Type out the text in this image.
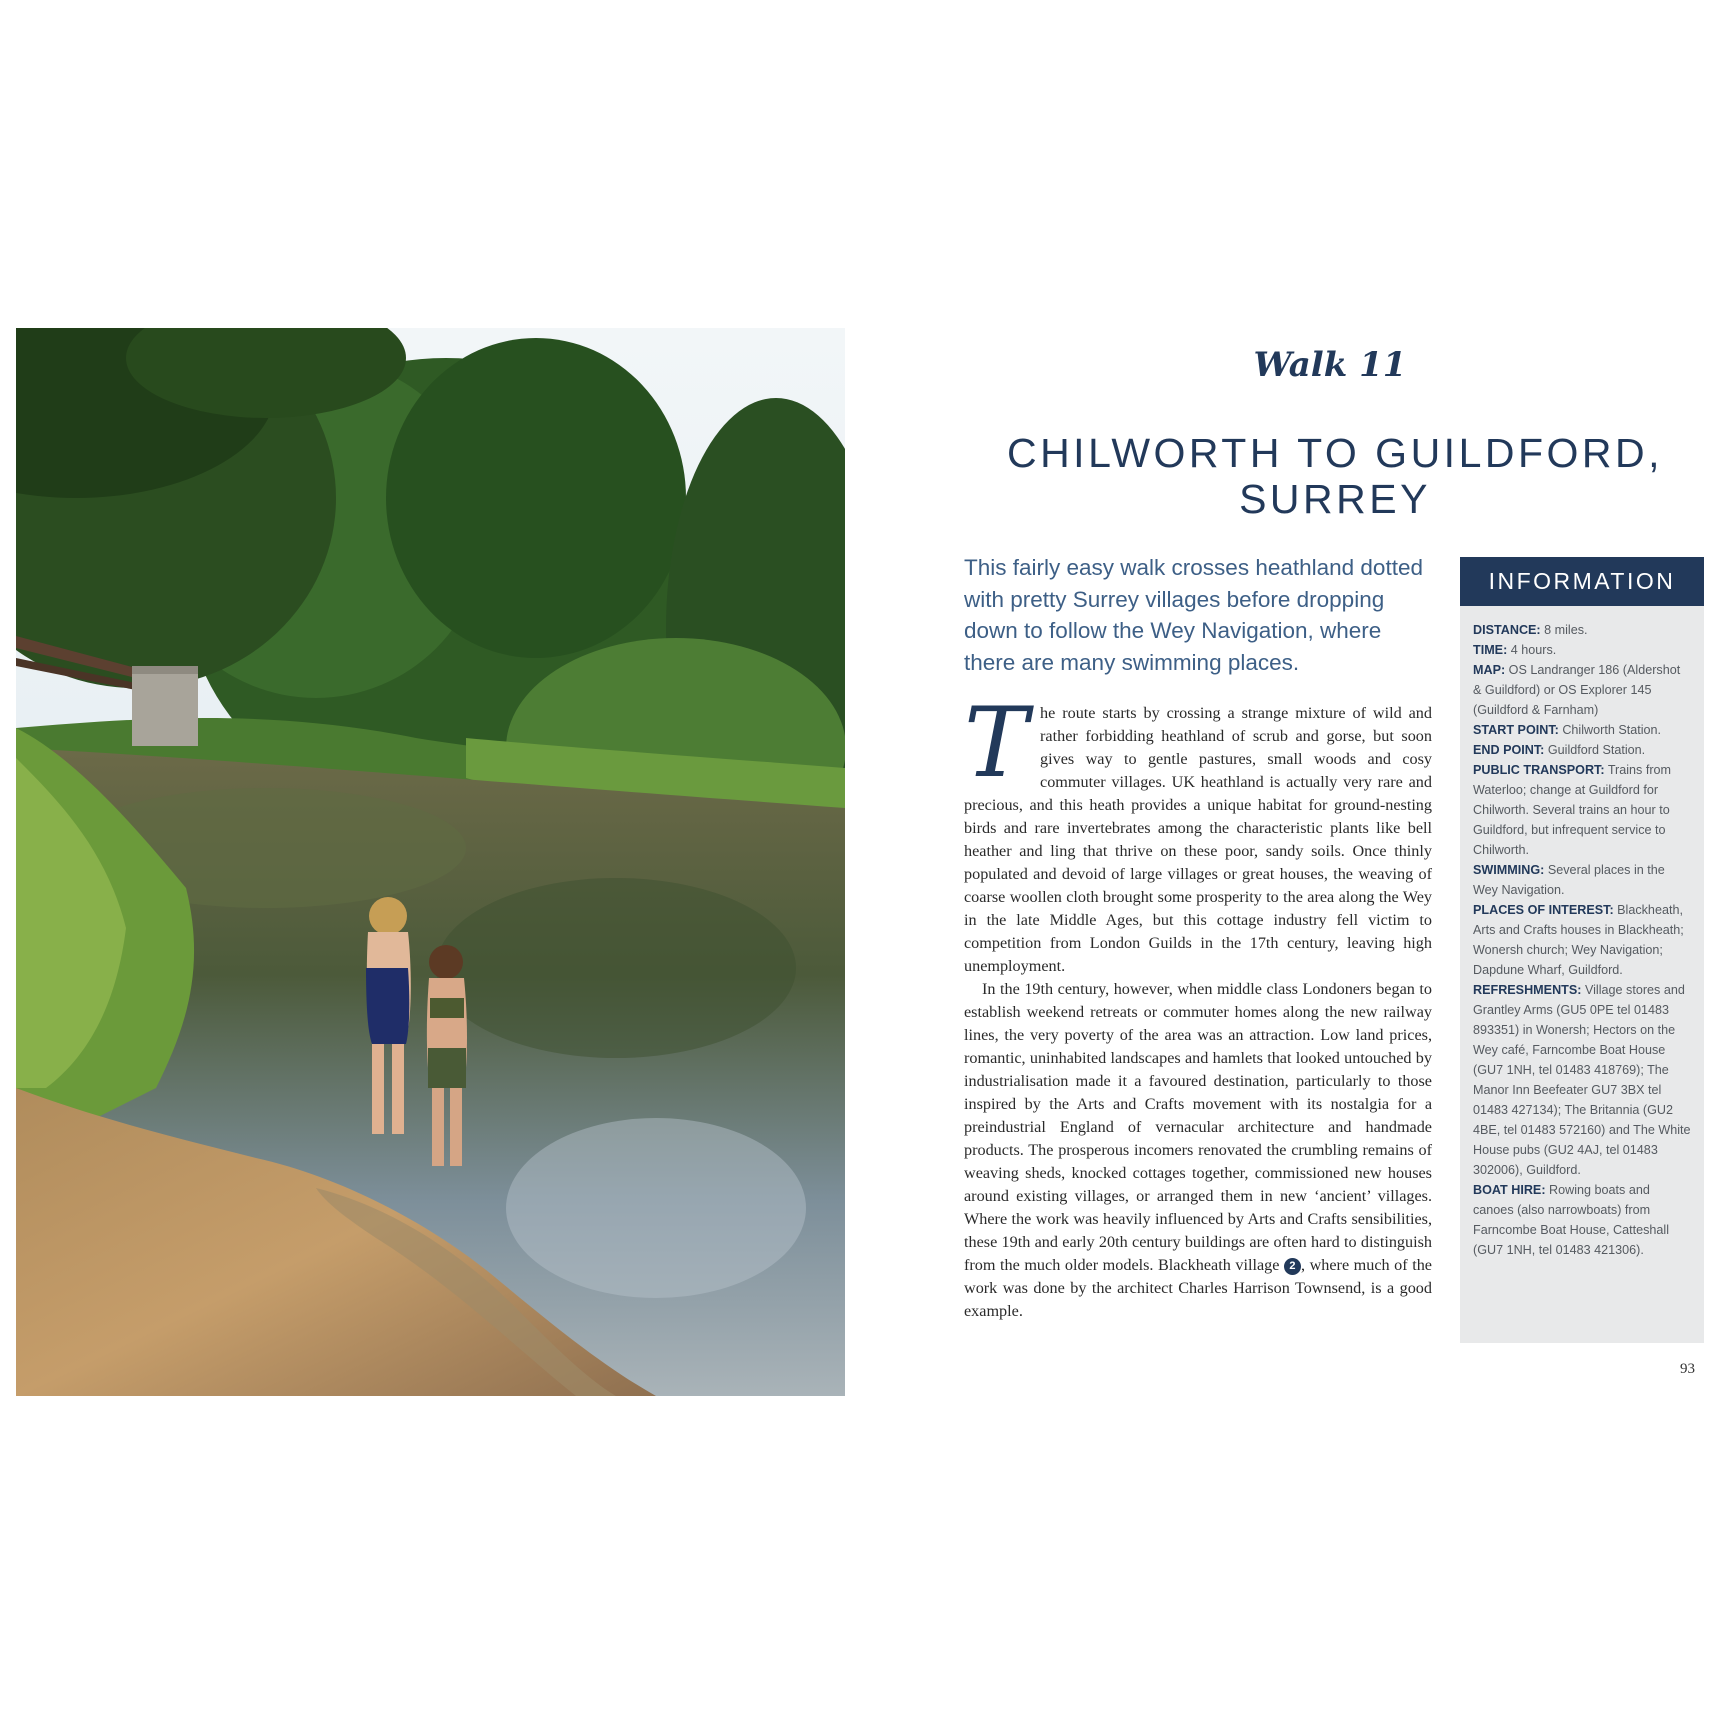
Walk 11
CHILWORTH TO GUILDFORD,
SURREY

This fairly easy walk crosses heathland dotted with pretty Surrey villages before dropping down to follow the Wey Navigation, where there are many swimming places.

The route starts by crossing a strange mixture of wild and rather forbidding heathland of scrub and gorse, but soon gives way to gentle pastures, small woods and cosy commuter villages. UK heathland is actually very rare and precious, and this heath provides a unique habitat for ground-nesting birds and rare invertebrates among the characteristic plants like bell heather and ling that thrive on these poor, sandy soils. Once thinly populated and devoid of large villages or great houses, the weaving of coarse woollen cloth brought some prosperity to the area along the Wey in the late Middle Ages, but this cottage industry fell victim to competition from London Guilds in the 17th century, leaving high unemployment.

In the 19th century, however, when middle class Londoners began to establish weekend retreats or commuter homes along the new railway lines, the very poverty of the area was an attraction. Low land prices, romantic, uninhabited landscapes and hamlets that looked untouched by industrialisation made it a favoured destination, particularly to those inspired by the Arts and Crafts movement with its nostalgia for a preindustrial England of vernacular architecture and handmade products. The prosperous incomers renovated the crumbling remains of weaving sheds, knocked cottages together, commissioned new houses around existing villages, or arranged them in new ‘ancient’ villages. Where the work was heavily influenced by Arts and Crafts sensibilities, these 19th and early 20th century buildings are often hard to distinguish from the much older models. Blackheath village 2 , where much of the work was done by the architect Charles Harrison Townsend, is a good example.

INFORMATION

DISTANCE: 8 miles.

TIME: 4 hours.

MAP: OS Landranger 186 (Aldershot & Guildford) or OS Explorer 145 (Guildford & Farnham)

START POINT: Chilworth Station.

END POINT: Guildford Station.

PUBLIC TRANSPORT: Trains from Waterloo; change at Guildford for Chilworth. Several trains an hour to Guildford, but infrequent service to Chilworth.

SWIMMING: Several places in the Wey Navigation.

PLACES OF INTEREST: Blackheath, Arts and Crafts houses in Blackheath; Wonersh church; Wey Navigation; Dapdune Wharf, Guildford.

REFRESHMENTS: Village stores and Grantley Arms (GU5 0PE tel 01483 893351) in Wonersh; Hectors on the Wey café, Farncombe Boat House (GU7 1NH, tel 01483 418769); The Manor Inn Beefeater GU7 3BX tel 01483 427134); The Britannia (GU2 4BE, tel 01483 572160) and The White House pubs (GU2 4AJ, tel 01483 302006), Guildford.

BOAT HIRE: Rowing boats and canoes (also narrowboats) from Farncombe Boat House, Catteshall (GU7 1NH, tel 01483 421306).

93
